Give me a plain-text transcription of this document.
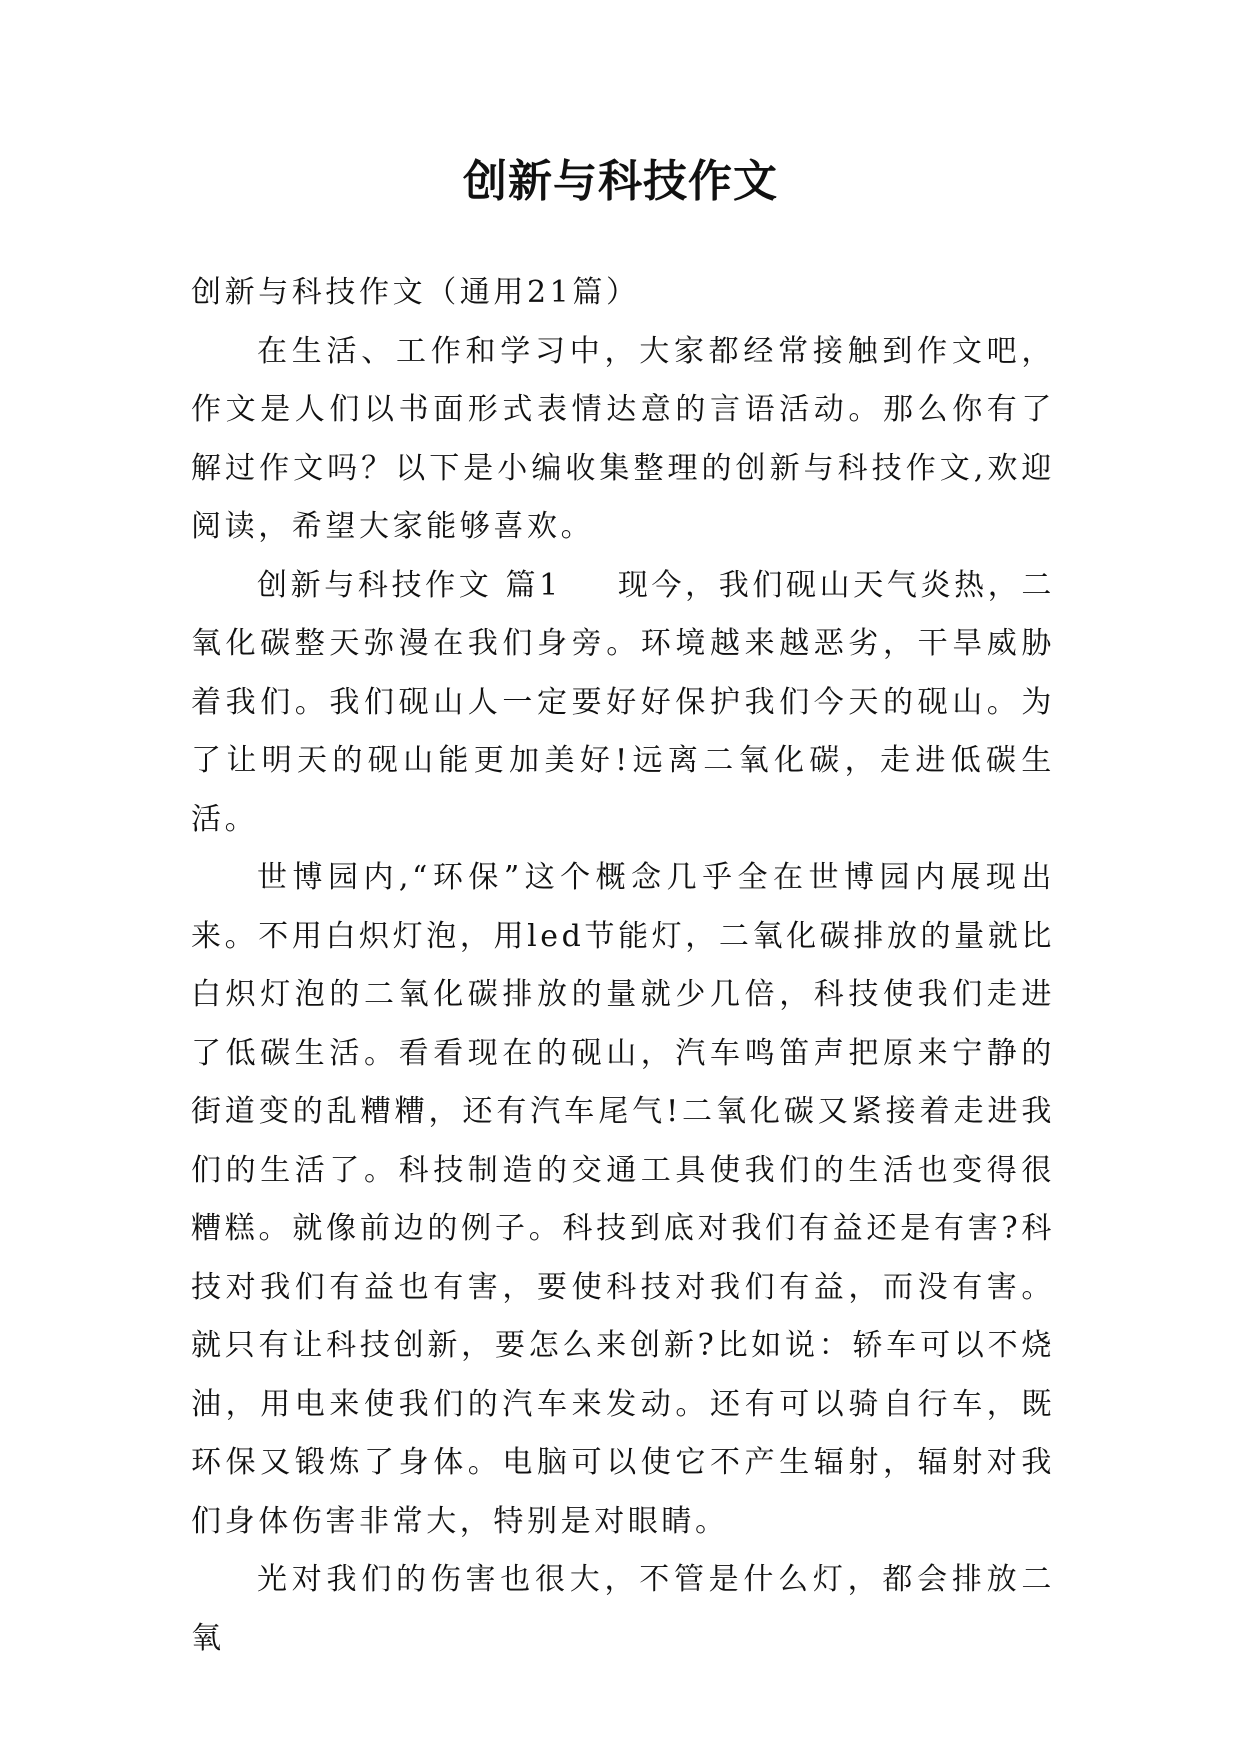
创新与科技作文

创新与科技作文（通用21篇）

在生活、工作和学习中，大家都经常接触到作文吧，作文是人们以书面形式表情达意的言语活动。那么你有了解过作文吗？以下是小编收集整理的创新与科技作文,欢迎阅读，希望大家能够喜欢。

创新与科技作文 篇1 现今，我们砚山天气炎热，二氧化碳整天弥漫在我们身旁。环境越来越恶劣，干旱威胁着我们。我们砚山人一定要好好保护我们今天的砚山。为了让明天的砚山能更加美好!远离二氧化碳，走进低碳生活。

世博园内,“环保”这个概念几乎全在世博园内展现出来。不用白炽灯泡，用led节能灯，二氧化碳排放的量就比白炽灯泡的二氧化碳排放的量就少几倍，科技使我们走进了低碳生活。看看现在的砚山，汽车鸣笛声把原来宁静的街道变的乱糟糟，还有汽车尾气!二氧化碳又紧接着走进我们的生活了。科技制造的交通工具使我们的生活也变得很糟糕。就像前边的例子。科技到底对我们有益还是有害?科技对我们有益也有害，要使科技对我们有益，而没有害。就只有让科技创新，要怎么来创新?比如说：轿车可以不烧油，用电来使我们的汽车来发动。还有可以骑自行车，既环保又锻炼了身体。电脑可以使它不产生辐射，辐射对我们身体伤害非常大，特别是对眼睛。

光对我们的伤害也很大，不管是什么灯，都会排放二氧
